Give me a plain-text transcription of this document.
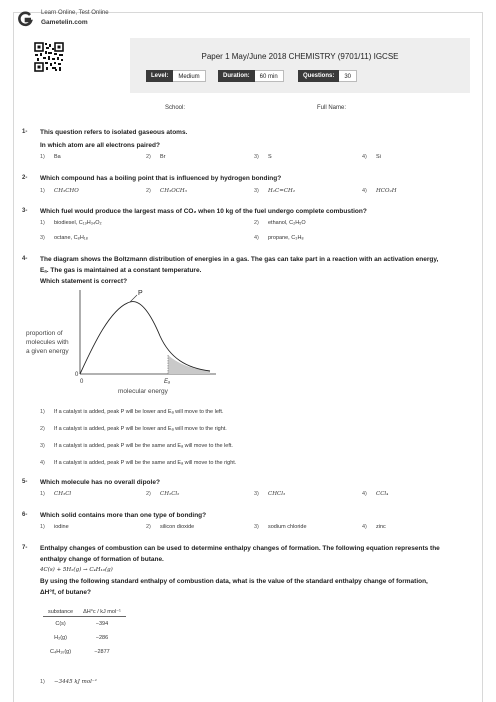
Learn Online, Test Online
Gametelin.com
Paper 1 May/June 2018 CHEMISTRY (9701/11) IGCSE
Level:	Medium	Duration:	60 min	Questions:	30
School:	Full Name:
1- This question refers to isolated gaseous atoms.
In which atom are all electrons paired?
1) Ba	2) Br	3) S	4) Si
2- Which compound has a boiling point that is influenced by hydrogen bonding?
1) CH₃CHO	2) CH₃OCH₃	3) H₂C=CH₂	4) HCO₂H
3- Which fuel would produce the largest mass of CO₂ when 10 kg of the fuel undergo complete combustion?
1) biodiesel, C₁₉H₃₄O₂	2) ethanol, C₂H₅O
3) octane, C₈H₁₈	4) propane, C₃H₈
4- The diagram shows the Boltzmann distribution of energies in a gas. The gas can take part in a reaction with an activation energy,
Eₐ. The gas is maintained at a constant temperature.
Which statement is correct?
P
proportion of
molecules with
a given energy
0
0	Eₐ
molecular energy
1) If a catalyst is added, peak P will be lower and Eₐ will move to the left.
2) If a catalyst is added, peak P will be lower and Eₐ will move to the right.
3) If a catalyst is added, peak P will be the same and Eₐ will move to the left.
4) If a catalyst is added, peak P will be the same and Eₐ will move to the right.
5- Which molecule has no overall dipole?
1) CH₃Cl	2) CH₂Cl₂	3) CHCl₃	4) CCl₄
6- Which solid contains more than one type of bonding?
1) iodine	2) silicon dioxide	3) sodium chloride	4) zinc
7- Enthalpy changes of combustion can be used to determine enthalpy changes of formation. The following equation represents the
enthalpy change of formation of butane.
4C(s) + 5H₂(g) → C₄H₁₀(g)
By using the following standard enthalpy of combustion data, what is the value of the standard enthalpy change of formation,
ΔH°f, of butane?
substance	ΔH°c / kJ mol⁻¹
C(s)	−394
H₂(g)	−286
C₄H₁₀(g)	−2877
1) −3445 kJ mol⁻¹
